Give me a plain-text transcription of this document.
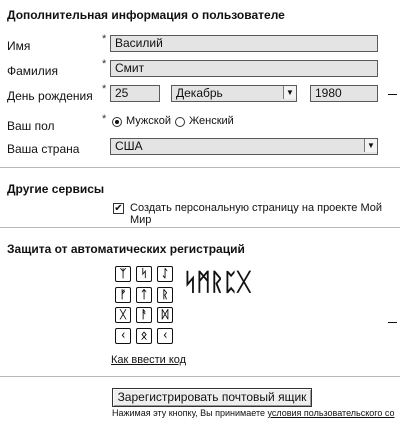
Дополнительная информация о пользователе
Имя	* Василий
Фамилия	* Смит
День рождения * 25	Декабрь	▼	1980
Ваш пол	* Мужской Женский
Ваша страна	США	▼
Другие сервисы
✔ Создать персональную страницу на проекте Мой Мир
Защита от автоматических регистраций
ᛉ	ᛋ	ᛇ
ᚠ	ᛏ	ᚱ
ᚷ	ᚨ	ᛞ
ᚲ	ᛟ	ᚲ
ᛋᛗᚱᛈᚷ
Как ввести код
Зарегистрировать почтовый ящик
Нажимая эту кнопку, Вы принимаете условия пользовательского со
